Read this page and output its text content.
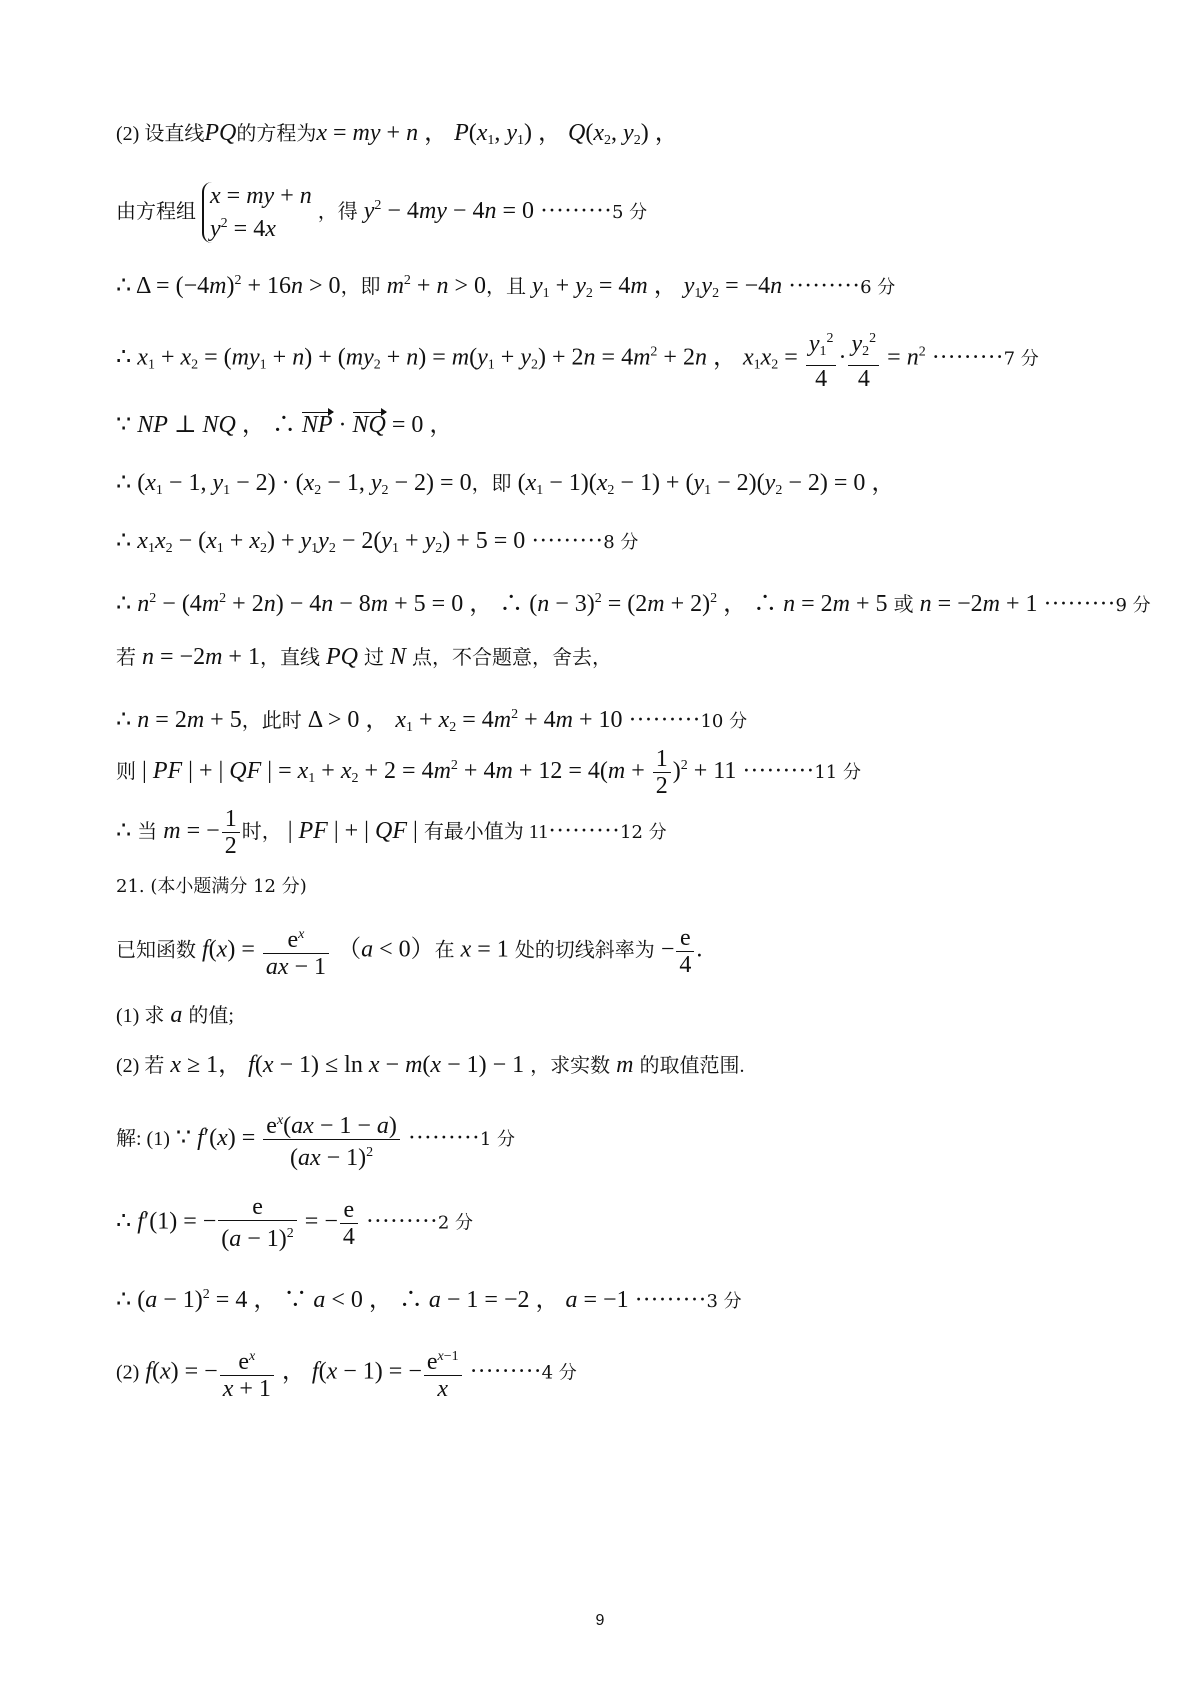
(2) 设直线PQ的方程为x = my + n ， $P(x_1$, $y_1$) ， $Q(x_2$, $y_2$) ，
由方程组
x = my + n
$y^2 = 4x$
，得 $y^2 - 4my - 4n = 0 \cdot\cdot\cdot\cdot\cdot\cdot\cdot\cdot\cdot 5$ 分
∴ $\Delta = (-4m)^2 + 16n > 0$，即 $m^2 + n > 0$，且 $y_1 + y_2 = 4m$ ， $y_1y_2 = -4n \cdot\cdot\cdot\cdot\cdot\cdot\cdot\cdot\cdot 6$ 分
∴ $x_1 + x_2 = (my_1 + n) + (my_2 + n) = m(y_1 + y_2) + 2n = 4m^2 + 2n$ ， $x_1x_2 = \frac{y_1^2}{4} \cdot \frac{y_2^2}{4} = n^2 \cdot\cdot\cdot\cdot\cdot\cdot\cdot\cdot\cdot 7$ 分
∵ NP ⊥ NQ ， ∴ NP · NQ = 0 ，
∴ ($x_1 - 1$, $y_1 - 2) \cdot (x_2 - 1$, $y_2 - 2) = 0$，即 $(x_1 - 1)(x_2 - 1) + (y_1 - 2)(y_2 - 2) = 0$ ，
∴ $x_1x_2 - (x_1 + x_2) + y_1y_2 - 2(y_1 + y_2) + 5 = 0 \cdot\cdot\cdot\cdot\cdot\cdot\cdot\cdot\cdot 8$ 分
∴ $n^2 - (4m^2 + 2n) - 4n - 8m + 5 = 0$ ， ∴ $(n - 3)^2 = (2m + 2)^2$ ， ∴ n = 2m + 5 或 n = −2m + 1 ·········9 分
若 n = −2m + 1，直线 PQ 过 N 点，不合题意，舍去，
∴ n = 2m + 5，此时 Δ > 0 ， $x_1 + x_2 = 4m^2 + 4m + 10 \cdot\cdot\cdot\cdot\cdot\cdot\cdot\cdot\cdot 10$ 分
则 | PF | + | QF | = $x_1 + x_2 + 2 = 4m^2 + 4m + 12 = 4(m + \frac{1}{2} )^2 + 11 \cdot\cdot\cdot\cdot\cdot\cdot\cdot\cdot\cdot 11$ 分
∴ 当 m = − $\frac{1}{2}$ 时， | PF | + | QF | 有最小值为 11·········12 分
21. (本小题满分 12 分)
已知函数 $f(x) = \frac{e^x}{ax - 1} (a < 0)$在 x = 1 处的切线斜率为 − $\frac{e}{4}$ .
(1) 求 a 的值;
(2) 若 x ≥ 1， f(x − 1) ≤ ln x − m(x − 1) − 1 ，求实数 m 的取值范围.
解: (1) ∵ $f'(x) = \frac{e^x(ax - 1 - a)}{(ax - 1)^2} \cdot\cdot\cdot\cdot\cdot\cdot\cdot\cdot\cdot 1$ 分
∴ f′(1) = − $\frac{e}{(a - 1)^2}$ = − $\frac{e}{4} \cdot\cdot\cdot\cdot\cdot\cdot\cdot\cdot\cdot 2$ 分
∴ $(a - 1)^2 = 4$ ， ∵ a < 0 ， ∴ a − 1 = −2 ， a = −1 ·········3 分
(2) f(x) = − $\frac{e^x}{x + 1}$ ， f(x − 1) = − $\frac{e^{x-1}}{x} \cdot\cdot\cdot\cdot\cdot\cdot\cdot\cdot\cdot 4$ 分
9
